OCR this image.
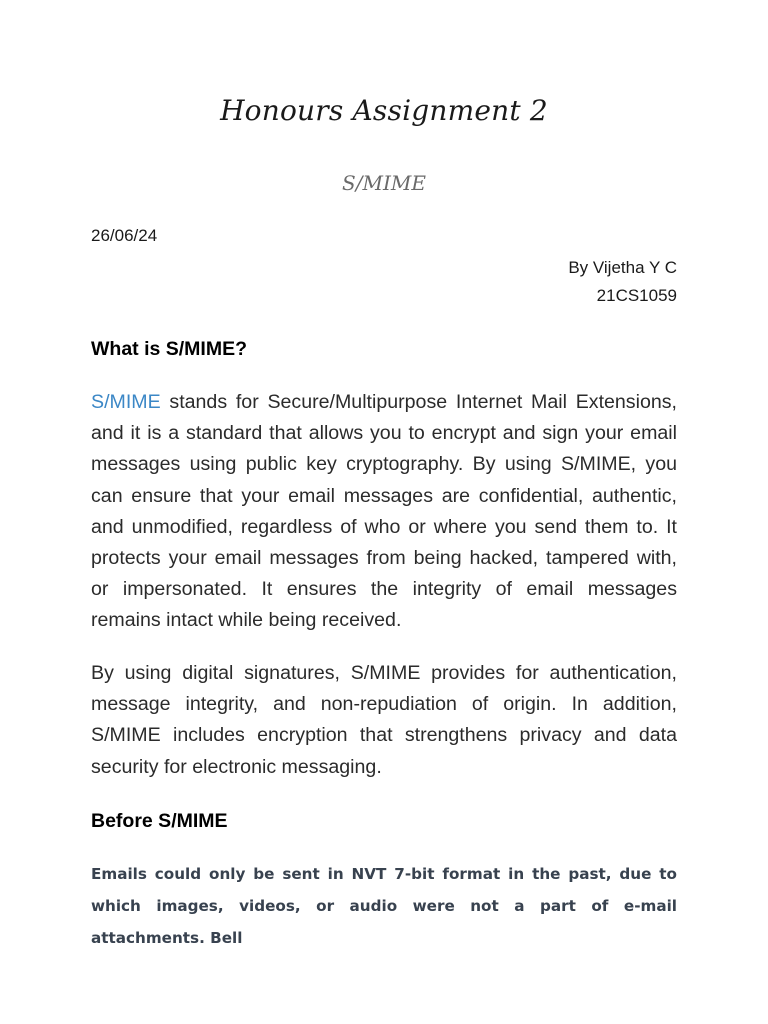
Honours Assignment 2
S/MIME
26/06/24
By Vijetha Y C
21CS1059
What is S/MIME?
S/MIME stands for Secure/Multipurpose Internet Mail Extensions, and it is a standard that allows you to encrypt and sign your email messages using public key cryptography. By using S/MIME, you can ensure that your email messages are confidential, authentic, and unmodified, regardless of who or where you send them to. It protects your email messages from being hacked, tampered with, or impersonated. It ensures the integrity of email messages remains intact while being received.
By using digital signatures, S/MIME provides for authentication, message integrity, and non-repudiation of origin. In addition, S/MIME includes encryption that strengthens privacy and data security for electronic messaging.
Before S/MIME
Emails could only be sent in NVT 7-bit format in the past, due to which images, videos, or audio were not a part of e-mail attachments. Bell
